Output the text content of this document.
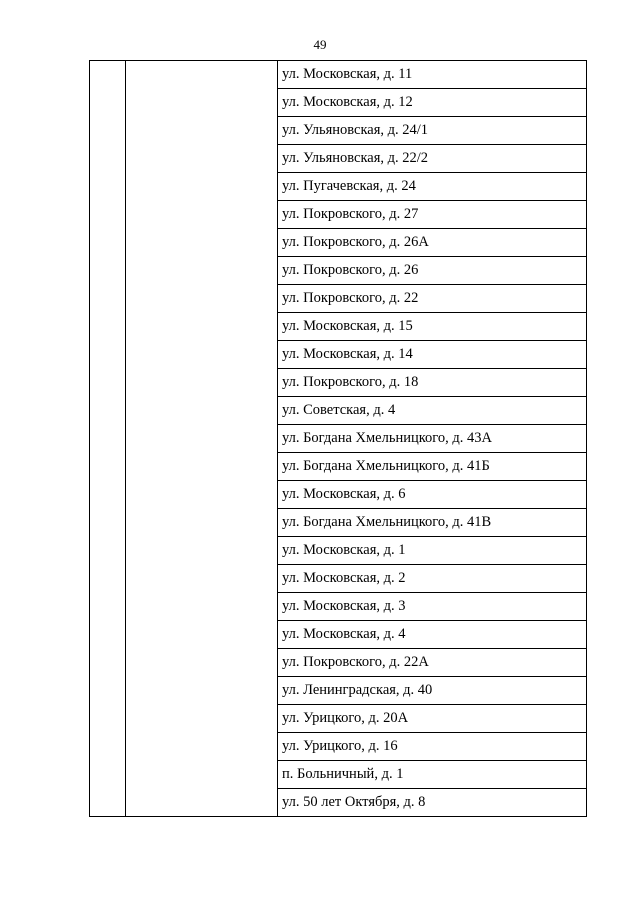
49
		ул. Московская, д. 11
ул. Московская, д. 12
ул. Ульяновская, д. 24/1
ул. Ульяновская, д. 22/2
ул. Пугачевская, д. 24
ул. Покровского, д. 27
ул. Покровского, д. 26А
ул. Покровского, д. 26
ул. Покровского, д. 22
ул. Московская, д. 15
ул. Московская, д. 14
ул. Покровского, д. 18
ул. Советская, д. 4
ул. Богдана Хмельницкого, д. 43А
ул. Богдана Хмельницкого, д. 41Б
ул. Московская, д. 6
ул. Богдана Хмельницкого, д. 41В
ул. Московская, д. 1
ул. Московская, д. 2
ул. Московская, д. 3
ул. Московская, д. 4
ул. Покровского, д. 22А
ул. Ленинградская, д. 40
ул. Урицкого, д. 20А
ул. Урицкого, д. 16
п. Больничный, д. 1
ул. 50 лет Октября, д. 8
